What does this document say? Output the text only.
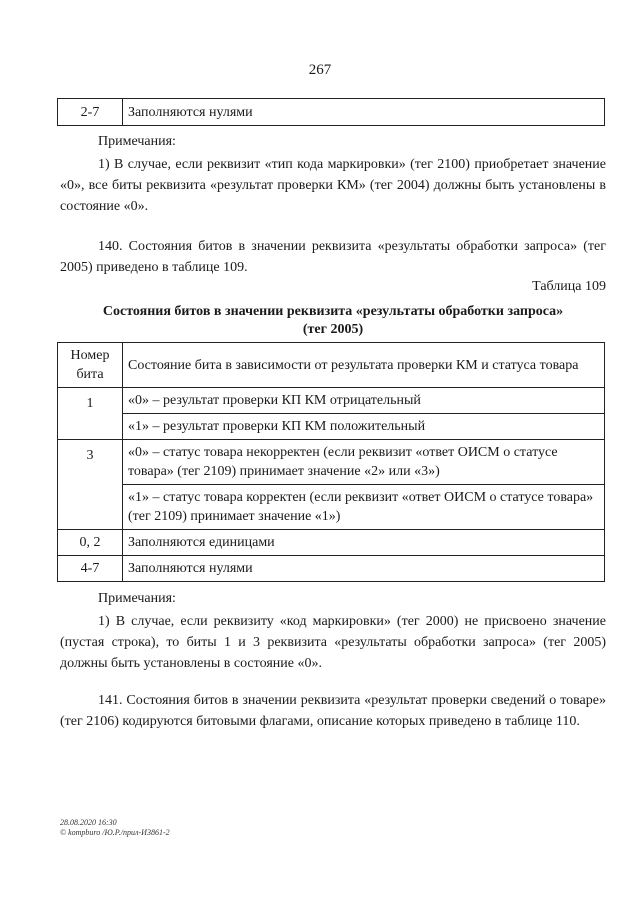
267
2-7	Заполняются нулями
Примечания:
1) В случае, если реквизит «тип кода маркировки» (тег 2100) приобретает значение «0», все биты реквизита «результат проверки КМ» (тег 2004) должны быть установлены в состояние «0».
140. Состояния битов в значении реквизита «результаты обработки запроса» (тег 2005) приведено в таблице 109.
Таблица 109
Состояния битов в значении реквизита «результаты обработки запроса»
(тег 2005)
Номер бита	Состояние бита в зависимости от результата проверки КМ и статуса товара
1	«0» – результат проверки КП КМ отрицательный
	«1» – результат проверки КП КМ положительный
3	«0» – статус товара некорректен (если реквизит «ответ ОИСМ о статусе товара» (тег 2109) принимает значение «2» или «3»)
	«1» – статус товара корректен (если реквизит «ответ ОИСМ о статусе товара» (тег 2109) принимает значение «1»)
0, 2	Заполняются единицами
4-7	Заполняются нулями
Примечания:
1) В случае, если реквизиту «код маркировки» (тег 2000) не присвоено значение (пустая строка), то биты 1 и 3 реквизита «результаты обработки запроса» (тег 2005) должны быть установлены в состояние «0».
141. Состояния битов в значении реквизита «результат проверки сведений о товаре» (тег 2106) кодируются битовыми флагами, описание которых приведено в таблице 110.
28.08.2020 16:30
© kompburo /Ю.Р./прил-И3861-2
